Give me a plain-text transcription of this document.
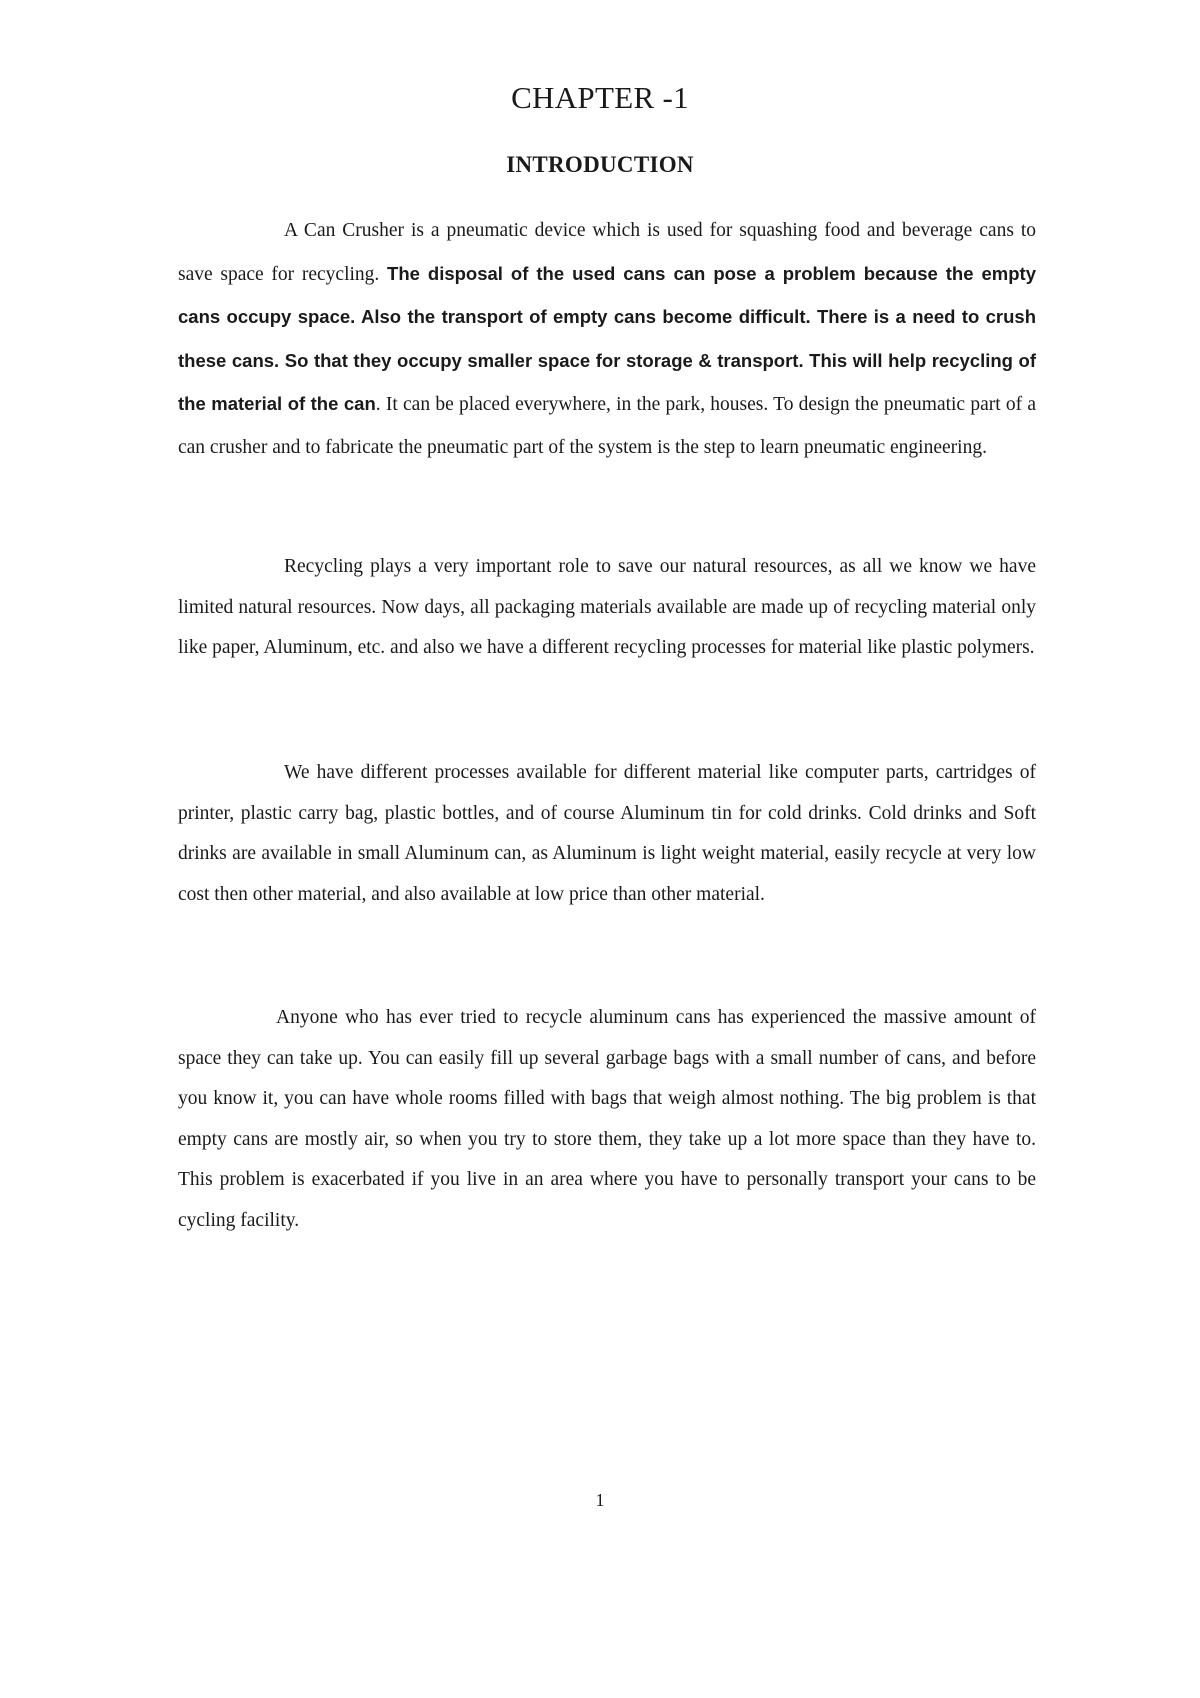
CHAPTER -1
INTRODUCTION

A Can Crusher is a pneumatic device which is used for squashing food and beverage cans to save space for recycling. The disposal of the used cans can pose a problem because the empty cans occupy space. Also the transport of empty cans become difficult. There is a need to crush these cans. So that they occupy smaller space for storage & transport. This will help recycling of the material of the can. It can be placed everywhere, in the park, houses. To design the pneumatic part of a can crusher and to fabricate the pneumatic part of the system is the step to learn pneumatic engineering.

Recycling plays a very important role to save our natural resources, as all we know we have limited natural resources. Now days, all packaging materials available are made up of recycling material only like paper, Aluminum, etc. and also we have a different recycling processes for material like plastic polymers.

We have different processes available for different material like computer parts, cartridges of printer, plastic carry bag, plastic bottles, and of course Aluminum tin for cold drinks. Cold drinks and Soft drinks are available in small Aluminum can, as Aluminum is light weight material, easily recycle at very low cost then other material, and also available at low price than other material.

Anyone who has ever tried to recycle aluminum cans has experienced the massive amount of space they can take up. You can easily fill up several garbage bags with a small number of cans, and before you know it, you can have whole rooms filled with bags that weigh almost nothing. The big problem is that empty cans are mostly air, so when you try to store them, they take up a lot more space than they have to. This problem is exacerbated if you live in an area where you have to personally transport your cans to be cycling facility.

1
